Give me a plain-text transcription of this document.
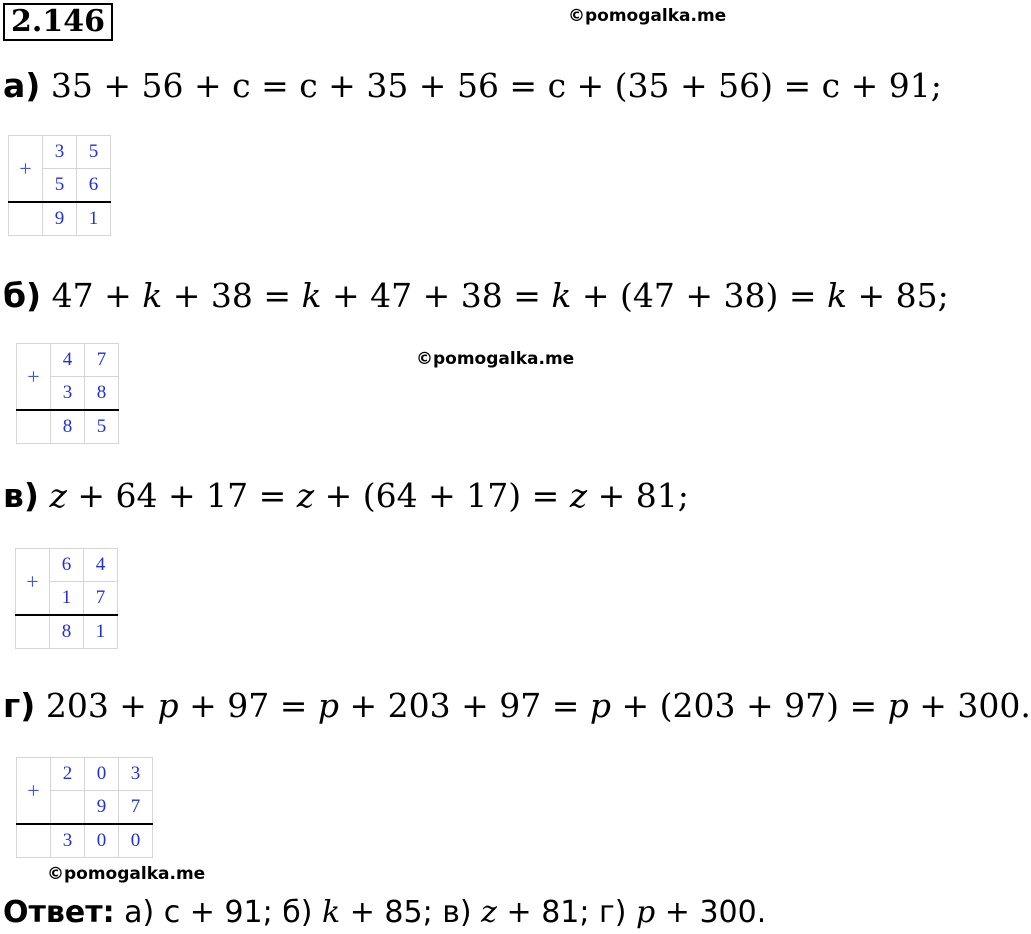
2.146	©pomogalka.me
©pomogalka.me
©pomogalka.me
а) 35 + 56 + c = c + 35 + 56 = c + (35 + 56) = c + 91;
+	3	5
	5	6
	9	1
б) 47 + k + 38 = k + 47 + 38 = k + (47 + 38) = k + 85;
+	4	7
	3	8
	8	5
в) z + 64 + 17 = z + (64 + 17) = z + 81;
+	6	4
	1	7
	8	1
г) 203 + p + 97 = p + 203 + 97 = p + (203 + 97) = p + 300.
+	2	0	3
		9	7
	3	0	0
Ответ: а) c + 91; б) k + 85; в) z + 81; г) p + 300.
